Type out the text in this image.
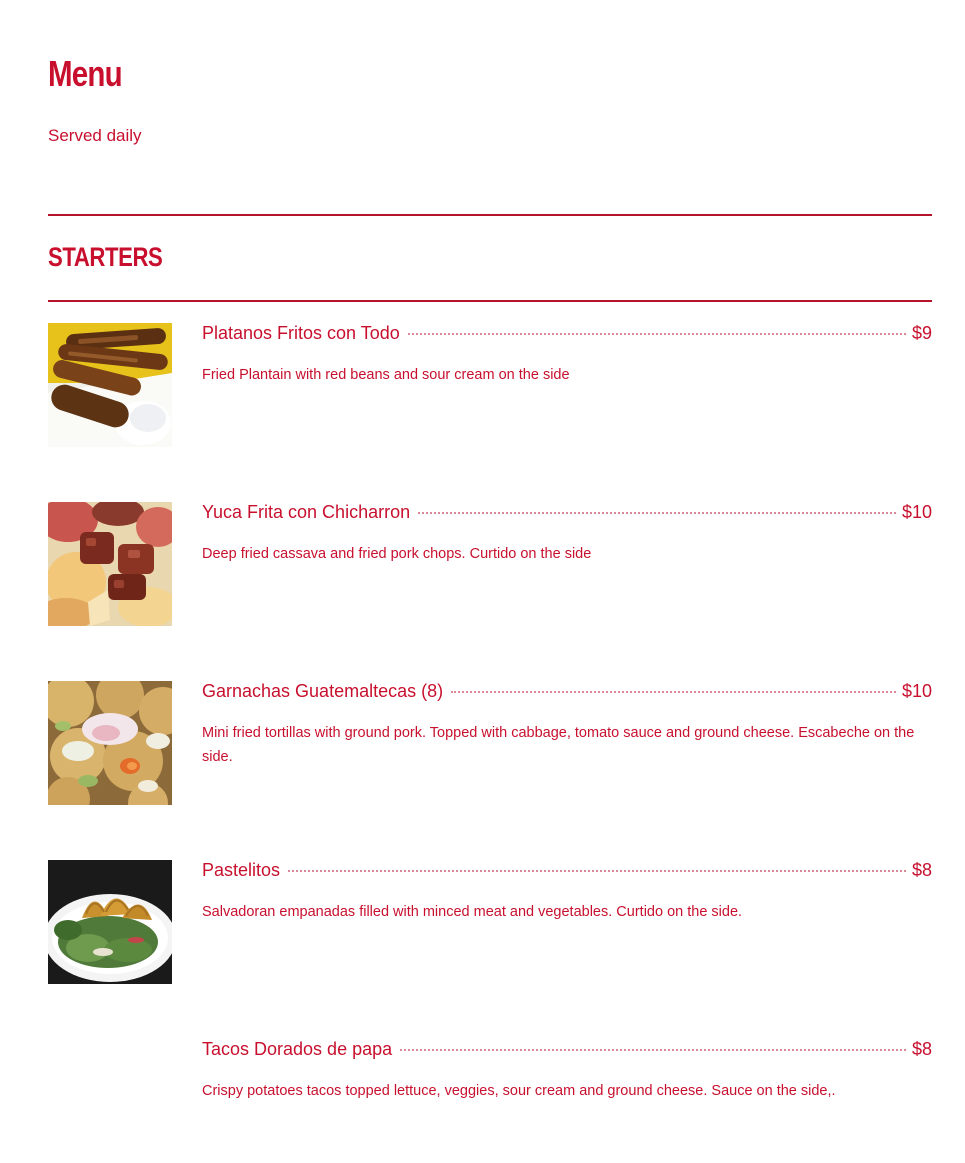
Menu
Served daily
STARTERS
Platanos Fritos con Todo	$9
Fried Plantain with red beans and sour cream on the side
Yuca Frita con Chicharron	$10
Deep fried cassava and fried pork chops. Curtido on the side
Garnachas Guatemaltecas (8)	$10
Mini fried tortillas with ground pork. Topped with cabbage, tomato sauce and ground cheese. Escabeche on the side.
Pastelitos	$8
Salvadoran empanadas filled with minced meat and vegetables. Curtido on the side.
Tacos Dorados de papa	$8
Crispy potatoes tacos topped lettuce, veggies, sour cream and ground cheese. Sauce on the side,.
